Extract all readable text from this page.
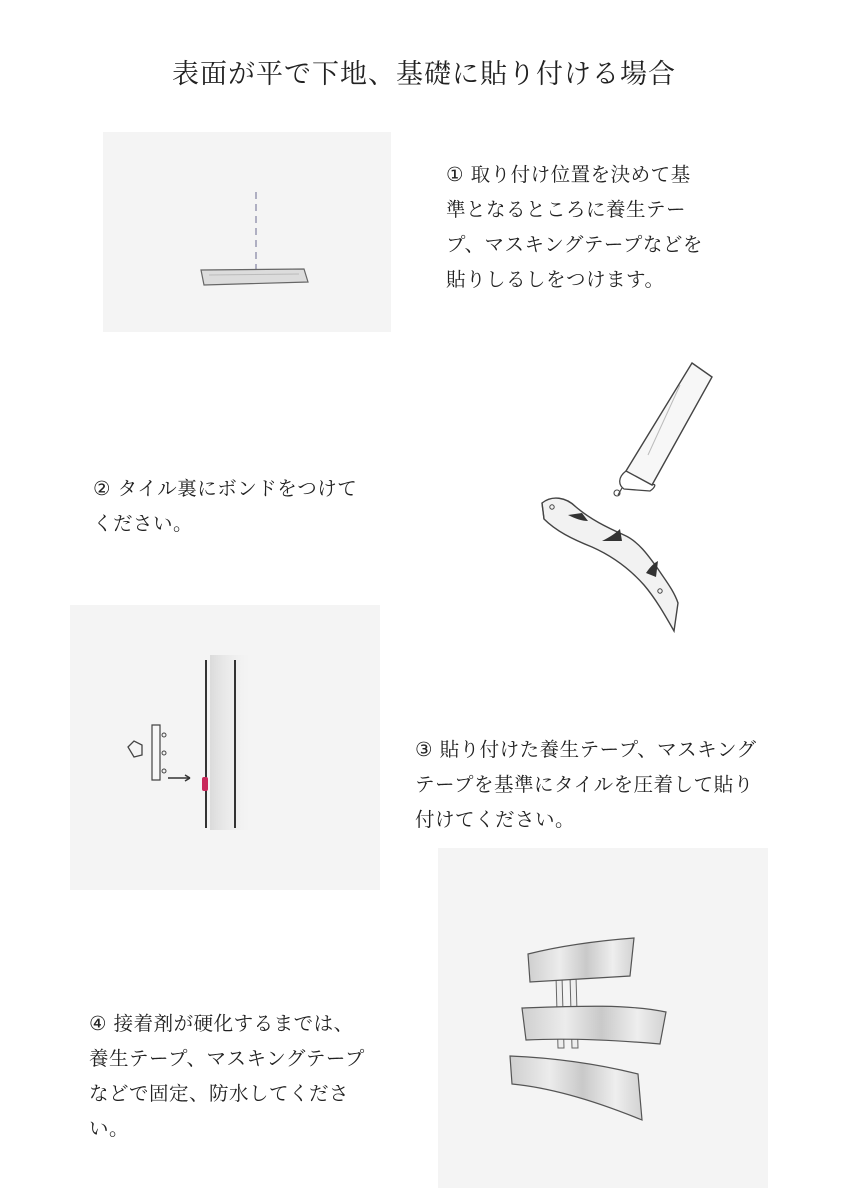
表面が平で下地、基礎に貼り付ける場合
① 取り付け位置を決めて基
準となるところに養生テー
プ、マスキングテープなどを
貼りしるしをつけます。
② タイル裏にボンドをつけて
ください。
③ 貼り付けた養生テープ、マスキング
テープを基準にタイルを圧着して貼り
付けてください。
④ 接着剤が硬化するまでは、
養生テープ、マスキングテープ
などで固定、防水してくださ
い。
